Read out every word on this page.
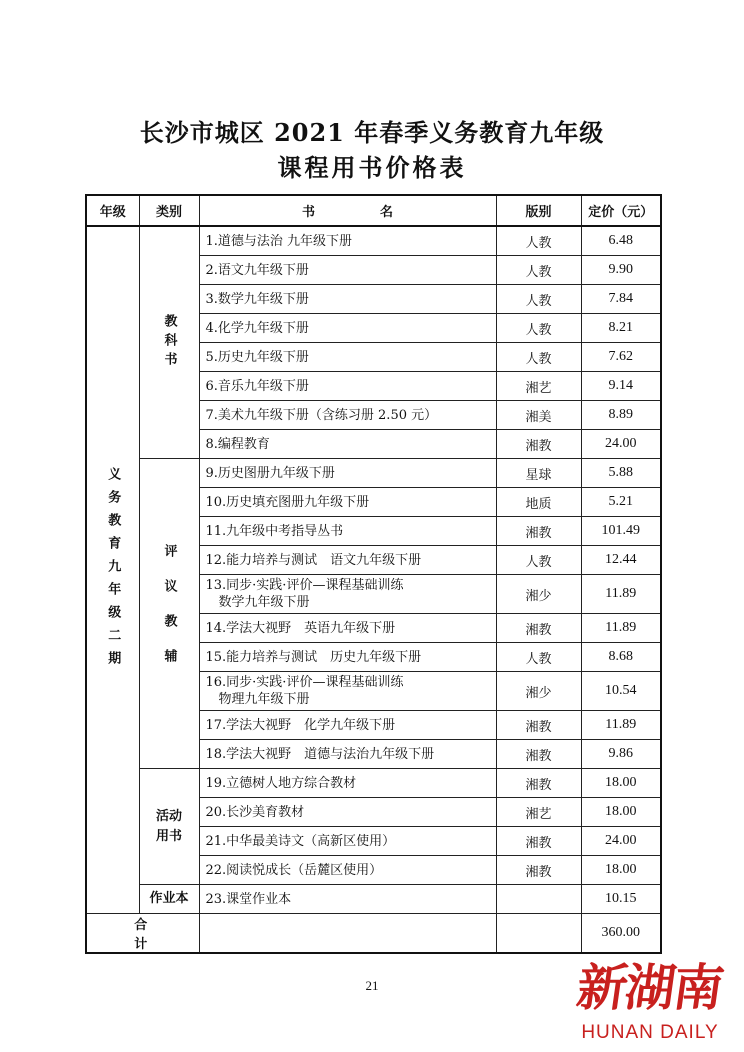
长沙市城区 2021 年春季义务教育九年级
课程用书价格表
年级	类别	书　　　　　名	版别	定价（元）

义务教育九年级二期	教科书	1.道德与法治 九年级下册	人教	6.48
		2.语文九年级下册	人教	9.90
		3.数学九年级下册	人教	7.84
		4.化学九年级下册	人教	8.21
		5.历史九年级下册	人教	7.62
		6.音乐九年级下册	湘艺	9.14
		7.美术九年级下册（含练习册 2.50 元）	湘美	8.89
		8.编程教育	湘教	24.00

	评议教辅	9.历史图册九年级下册	星球	5.88
		10.历史填充图册九年级下册	地质	5.21
		11.九年级中考指导丛书	湘教	101.49
		12.能力培养与测试　语文九年级下册	人教	12.44

		13.同步·实践·评价—课程基础训练
　数学九年级下册	湘少	11.89
		14.学法大视野　英语九年级下册	湘教	11.89
		15.能力培养与测试　历史九年级下册	人教	8.68

		16.同步·实践·评价—课程基础训练
　物理九年级下册	湘少	10.54
		17.学法大视野　化学九年级下册	湘教	11.89
		18.学法大视野　道德与法治九年级下册	湘教	9.86

	活动
用书	19.立德树人地方综合教材	湘教	18.00
		20.长沙美育教材	湘艺	18.00
		21.中华最美诗文（高新区使用）	湘教	24.00
		22.阅读悦成长（岳麓区使用）	湘教	18.00
	作业本	23.课堂作业本		10.15
合 计				360.00
21	新湖南
HUNAN DAILY
